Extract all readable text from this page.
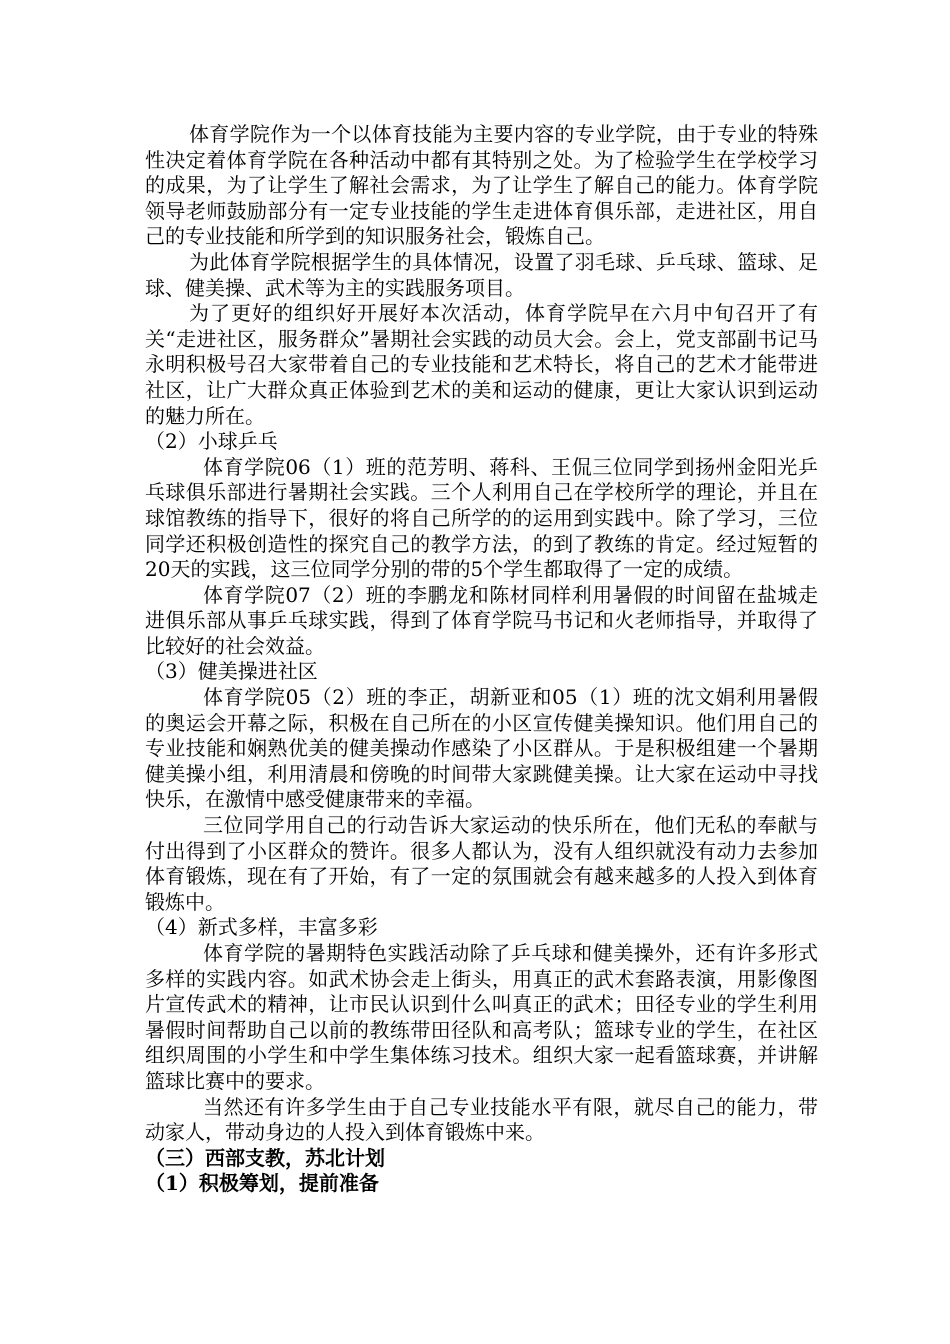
体育学院作为一个以体育技能为主要内容的专业学院，由于专业的特殊性决定着体育学院在各种活动中都有其特别之处。为了检验学生在学校学习的成果，为了让学生了解社会需求，为了让学生了解自己的能力。体育学院领导老师鼓励部分有一定专业技能的学生走进体育俱乐部，走进社区，用自己的专业技能和所学到的知识服务社会，锻炼自己。

为此体育学院根据学生的具体情况，设置了羽毛球、乒乓球、篮球、足球、健美操、武术等为主的实践服务项目。

为了更好的组织好开展好本次活动，体育学院早在六月中旬召开了有关“走进社区，服务群众”暑期社会实践的动员大会。会上，党支部副书记马永明积极号召大家带着自己的专业技能和艺术特长，将自己的艺术才能带进社区，让广大群众真正体验到艺术的美和运动的健康，更让大家认识到运动的魅力所在。

（2）小球乒乓

体育学院06（1）班的范芳明、蒋科、王侃三位同学到扬州金阳光乒乓球俱乐部进行暑期社会实践。三个人利用自己在学校所学的理论，并且在球馆教练的指导下，很好的将自己所学的的运用到实践中。除了学习，三位同学还积极创造性的探究自己的教学方法，的到了教练的肯定。经过短暂的20天的实践，这三位同学分别的带的5个学生都取得了一定的成绩。

体育学院07（2）班的李鹏龙和陈材同样利用暑假的时间留在盐城走进俱乐部从事乒乓球实践，得到了体育学院马书记和火老师指导，并取得了比较好的社会效益。

（3）健美操进社区

体育学院05（2）班的李正，胡新亚和05（1）班的沈文娟利用暑假的奥运会开幕之际，积极在自己所在的小区宣传健美操知识。他们用自己的专业技能和娴熟优美的健美操动作感染了小区群从。于是积极组建一个暑期健美操小组，利用清晨和傍晚的时间带大家跳健美操。让大家在运动中寻找快乐，在激情中感受健康带来的幸福。

三位同学用自己的行动告诉大家运动的快乐所在，他们无私的奉献与付出得到了小区群众的赞许。很多人都认为，没有人组织就没有动力去参加体育锻炼，现在有了开始，有了一定的氛围就会有越来越多的人投入到体育锻炼中。

（4）新式多样，丰富多彩

体育学院的暑期特色实践活动除了乒乓球和健美操外，还有许多形式多样的实践内容。如武术协会走上街头，用真正的武术套路表演，用影像图片宣传武术的精神，让市民认识到什么叫真正的武术；田径专业的学生利用暑假时间帮助自己以前的教练带田径队和高考队；篮球专业的学生，在社区组织周围的小学生和中学生集体练习技术。组织大家一起看篮球赛，并讲解篮球比赛中的要求。

当然还有许多学生由于自己专业技能水平有限，就尽自己的能力，带动家人，带动身边的人投入到体育锻炼中来。

（三）西部支教，苏北计划

（1）积极筹划，提前准备
